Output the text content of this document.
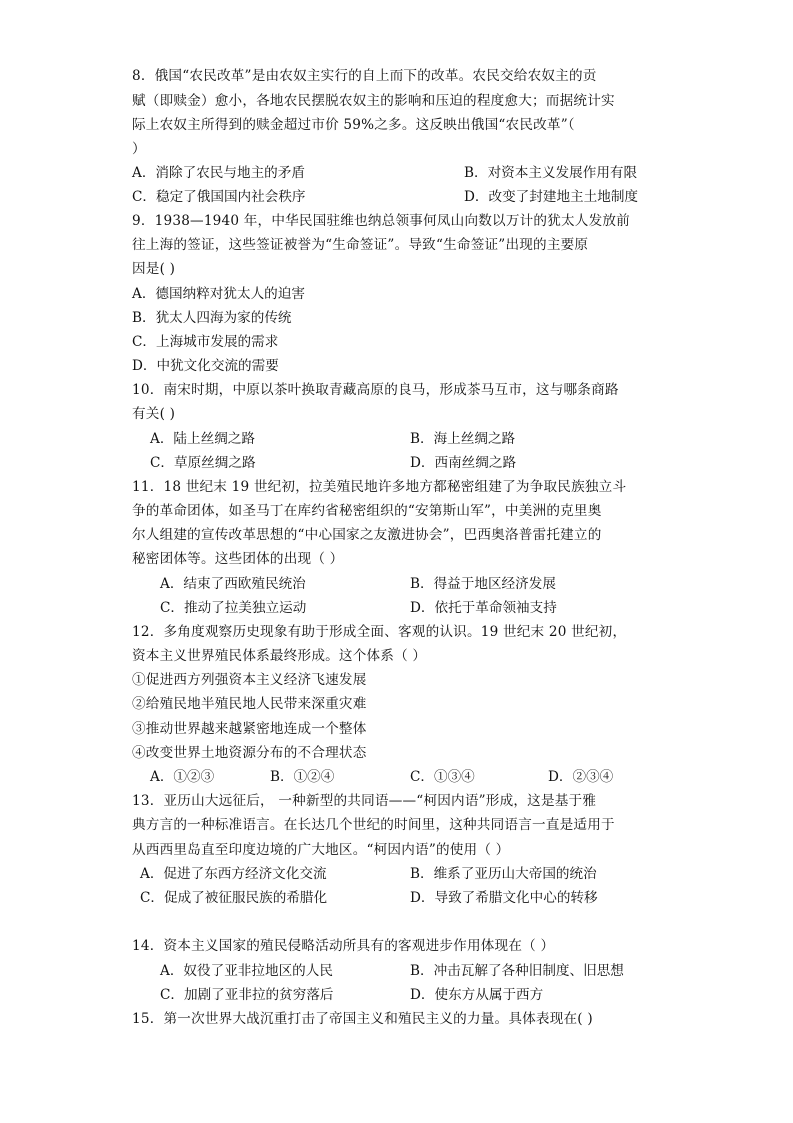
8．俄国“农民改革”是由农奴主实行的自上而下的改革。农民交给农奴主的贡
赋（即赎金）愈小，各地农民摆脱农奴主的影响和压迫的程度愈大；而据统计实
际上农奴主所得到的赎金超过市价 59%之多。这反映出俄国“农民改革”（
）
A．消除了农民与地主的矛盾	B．对资本主义发展作用有限
C．稳定了俄国国内社会秩序	D．改变了封建地主土地制度
9．1938—1940 年，中华民国驻维也纳总领事何凤山向数以万计的犹太人发放前
往上海的签证，这些签证被誉为“生命签证”。导致“生命签证”出现的主要原
因是( )
A．德国纳粹对犹太人的迫害
B．犹太人四海为家的传统
C．上海城市发展的需求
D．中犹文化交流的需要
10．南宋时期，中原以茶叶换取青藏高原的良马，形成茶马互市，这与哪条商路
有关( )
A．陆上丝绸之路	B．海上丝绸之路
C．草原丝绸之路	D．西南丝绸之路
11．18 世纪末 19 世纪初，拉美殖民地许多地方都秘密组建了为争取民族独立斗
争的革命团体，如圣马丁在库约省秘密组织的“安第斯山军”，中美洲的克里奥
尔人组建的宣传改革思想的“中心国家之友激进协会”，巴西奥洛普雷托建立的
秘密团体等。这些团体的出现（ ）
A．结束了西欧殖民统治	B．得益于地区经济发展
C．推动了拉美独立运动	D．依托于革命领袖支持
12．多角度观察历史现象有助于形成全面、客观的认识。19 世纪末 20 世纪初，
资本主义世界殖民体系最终形成。这个体系（ ）
①促进西方列强资本主义经济飞速发展
②给殖民地半殖民地人民带来深重灾难
③推动世界越来越紧密地连成一个整体
④改变世界土地资源分布的不合理状态
A．①②③	B．①②④	C．①③④	D．②③④
13．亚历山大远征后， 一种新型的共同语——“柯因内语”形成，这是基于雅
典方言的一种标准语言。在长达几个世纪的时间里，这种共同语言一直是适用于
从西西里岛直至印度边境的广大地区。“柯因内语”的使用（ ）
A．促进了东西方经济文化交流	B．维系了亚历山大帝国的统治
C．促成了被征服民族的希腊化	D．导致了希腊文化中心的转移
14．资本主义国家的殖民侵略活动所具有的客观进步作用体现在（ ）
A．奴役了亚非拉地区的人民	B．冲击瓦解了各种旧制度、旧思想
C．加剧了亚非拉的贫穷落后	D．使东方从属于西方
15．第一次世界大战沉重打击了帝国主义和殖民主义的力量。具体表现在( )
